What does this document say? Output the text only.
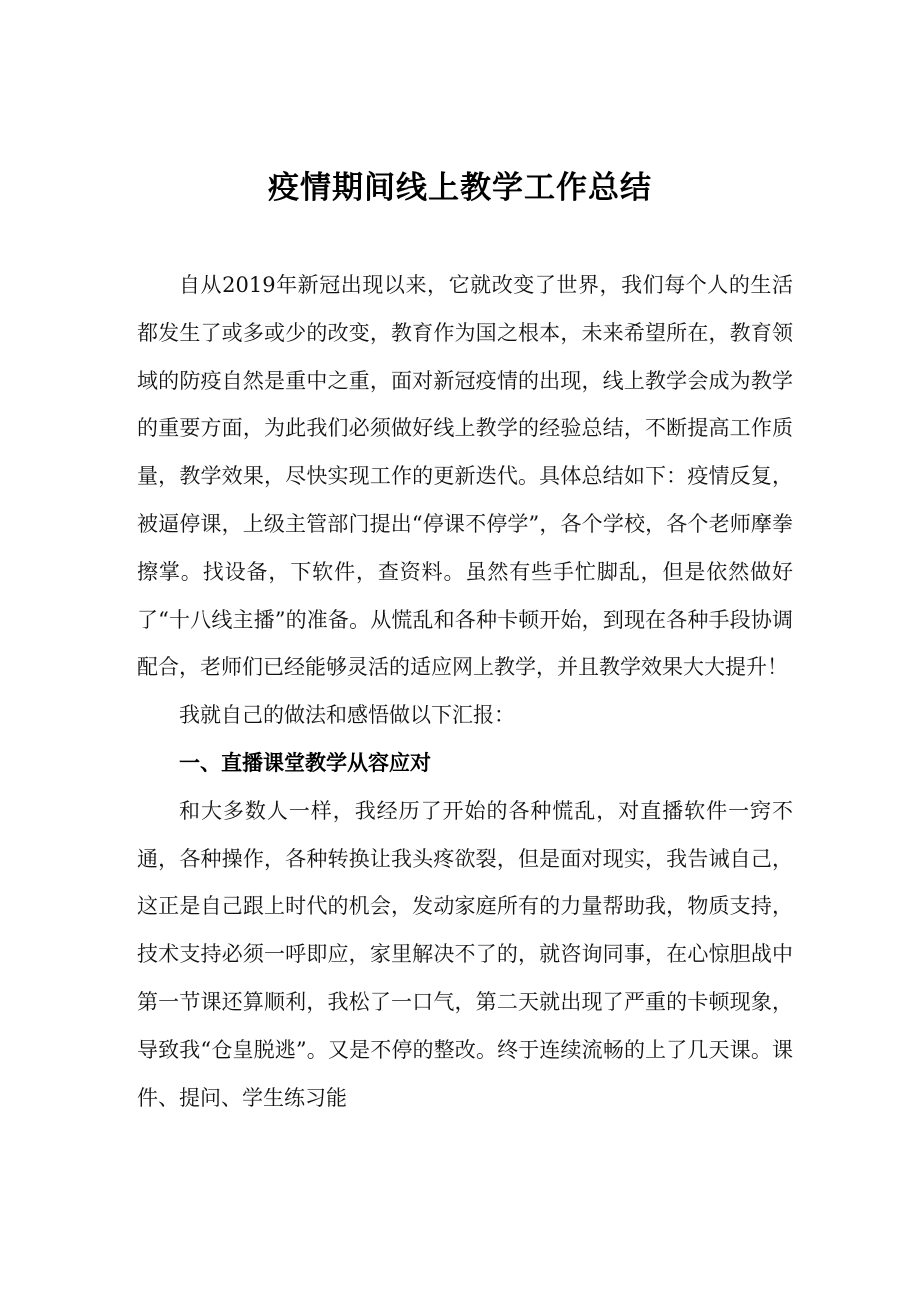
疫情期间线上教学工作总结

自从2019年新冠出现以来，它就改变了世界，我们每个人的生活都发生了或多或少的改变，教育作为国之根本，未来希望所在，教育领域的防疫自然是重中之重，面对新冠疫情的出现，线上教学会成为教学的重要方面，为此我们必须做好线上教学的经验总结，不断提高工作质量，教学效果，尽快实现工作的更新迭代。具体总结如下：疫情反复，被逼停课，上级主管部门提出“停课不停学”，各个学校，各个老师摩拳擦掌。找设备，下软件，查资料。虽然有些手忙脚乱，但是依然做好了“十八线主播”的准备。从慌乱和各种卡顿开始，到现在各种手段协调配合，老师们已经能够灵活的适应网上教学，并且教学效果大大提升！

我就自己的做法和感悟做以下汇报：

一、直播课堂教学从容应对

和大多数人一样，我经历了开始的各种慌乱，对直播软件一窍不通，各种操作，各种转换让我头疼欲裂，但是面对现实，我告诫自己，这正是自己跟上时代的机会，发动家庭所有的力量帮助我，物质支持，技术支持必须一呼即应，家里解决不了的，就咨询同事，在心惊胆战中第一节课还算顺利，我松了一口气，第二天就出现了严重的卡顿现象，导致我“仓皇脱逃”。又是不停的整改。终于连续流畅的上了几天课。课件、提问、学生练习能
